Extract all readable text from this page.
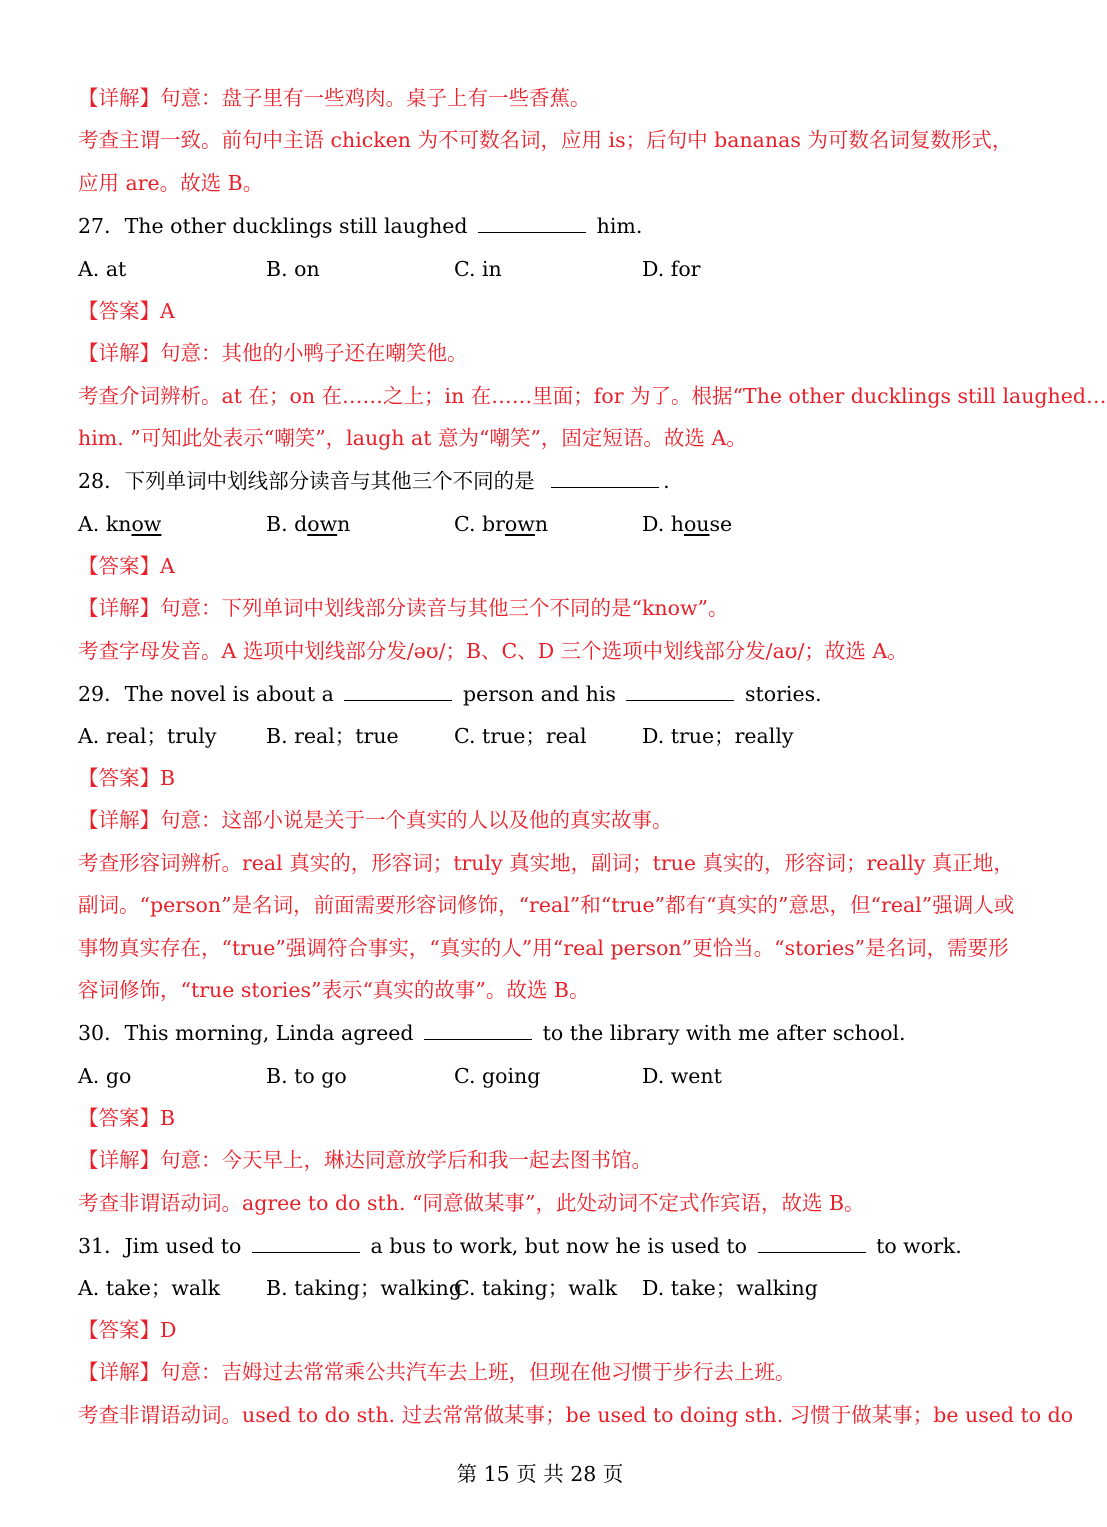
【详解】句意：盘子里有一些鸡肉。桌子上有一些香蕉。
考查主谓一致。前句中主语 chicken 为不可数名词，应用 is；后句中 bananas 为可数名词复数形式，
应用 are。故选 B。
27．The other ducklings still laughed	him.
A. at	B. on	C. in	D. for
【答案】A
【详解】句意：其他的小鸭子还在嘲笑他。
考查介词辨析。at 在；on 在……之上；in 在……里面；for 为了。根据“The other ducklings still laughed…
him. ”可知此处表示“嘲笑”，laugh at 意为“嘲笑”，固定短语。故选 A。
28．下列单词中划线部分读音与其他三个不同的是	.
A. know	B. down	C. brown	D. house
【答案】A
【详解】句意：下列单词中划线部分读音与其他三个不同的是“know”。
考查字母发音。A 选项中划线部分发/əʊ/；B、C、D 三个选项中划线部分发/aʊ/；故选 A。
29．The novel is about a	person and his	stories.
A. real；truly B. real；true	C. true；real	D. true；really
【答案】B
【详解】句意：这部小说是关于一个真实的人以及他的真实故事。
考查形容词辨析。real 真实的，形容词；truly 真实地，副词；true 真实的，形容词；really 真正地，
副词。“person”是名词，前面需要形容词修饰，“real”和“true”都有“真实的”意思，但“real”强调人或
事物真实存在，“true”强调符合事实，“真实的人”用“real person”更恰当。“stories”是名词，需要形
容词修饰，“true stories”表示“真实的故事”。故选 B。
30．This morning, Linda agreed	to the library with me after school.
A. go	B. to go	C. going	D. went
【答案】B
【详解】句意：今天早上，琳达同意放学后和我一起去图书馆。
考查非谓语动词。agree to do sth. “同意做某事”，此处动词不定式作宾语，故选 B。
31．Jim used to	a bus to work, but now he is used to	to work.
A. take；walk B. taking；walking
C. taking；walk D. take；walking
【答案】D
【详解】句意：吉姆过去常常乘公共汽车去上班，但现在他习惯于步行去上班。
考查非谓语动词。used to do sth. 过去常常做某事；be used to doing sth. 习惯于做某事；be used to do
第 15 页 共 28 页
